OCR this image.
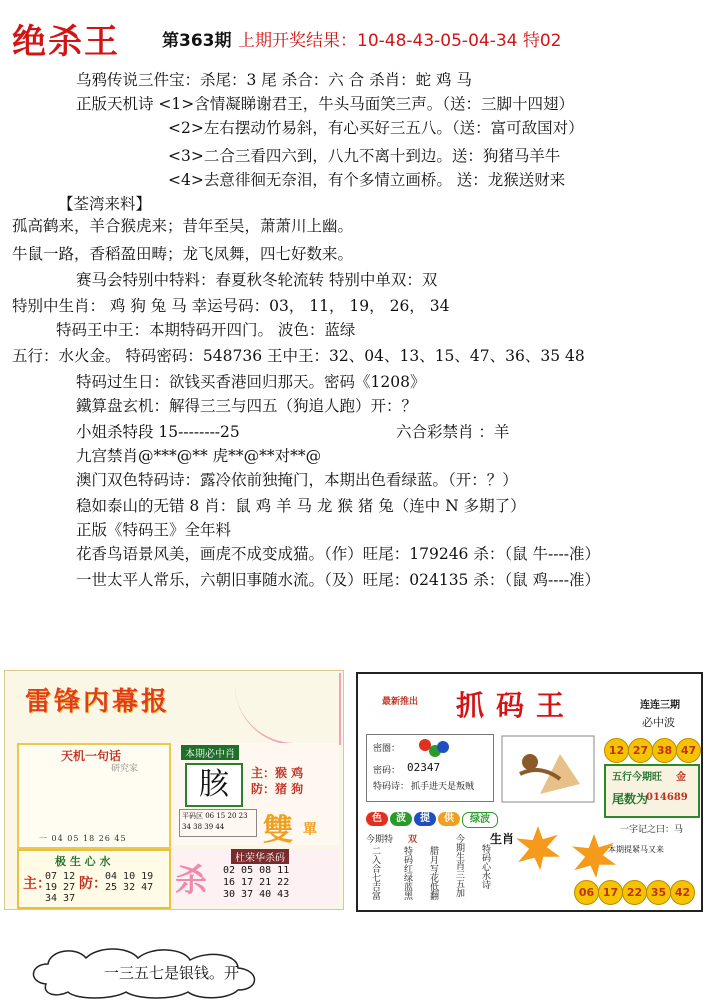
绝杀王 第363期 上期开奖结果：10-48-43-05-04-34 特02
乌鸦传说三件宝：杀尾：3 尾 杀合：六 合 杀肖：蛇 鸡 马
正版天机诗 <1>含情凝睇谢君王，牛头马面笑三声。（送：三脚十四翅）
<2>左右摆动竹易斜，有心买好三五八。（送：富可敌国对）
<3>二合三看四六到，八九不离十到边。送：狗猪马羊牛
<4>去意徘徊无奈泪，有个多情立画桥。 送：龙猴送财来
【荃湾来料】
孤高鹤来，羊合猴虎来；昔年至吴，萧萧川上幽。
牛鼠一路，香稻盈田畴；龙飞凤舞，四七好数来。
赛马会特别中特料：春夏秋冬轮流转 特别中单双：双
特别中生肖： 鸡 狗 兔 马 幸运号码：03， 11， 19， 26， 34
特码王中王：本期特码开四门。 波色：蓝绿
五行：水火金。 特码密码：548736 王中王：32、04、13、15、47、36、35 48
特码过生日：欲钱买香港回归那天。密码《1208》
鐵算盘玄机：解得三三与四五（狗追人跑）开：？
小姐杀特段 15--------25	六合彩禁肖 ：羊
九宫禁肖@***@** 虎**@**对**@
澳门双色特码诗：露冷依前独掩门，本期出色看绿蓝。（开：？）
稳如泰山的无错 8 肖：鼠 鸡 羊 马 龙 猴 猪 兔（连中 N 多期了）
正版《特码王》全年料
花香鸟语景风美，画虎不成变成猫。（作）旺尾：179246 杀：（鼠 牛----准）
一世太平人常乐，六朝旧事随水流。（及）旺尾：024135 杀：（鼠 鸡----准）
雷锋内幕报
天机一句话
研究家
一 04 05 18 26 45
本期必中肖
胲	主：猴 鸡
防：猪 狗
平码区 06 15 20 23 34 38 39 44	雙 單
极 生 心 水
主：
07 12 19 27 34 37
防：
04 10 19 25 32 47 杀
杜荣华杀码
02 05 08 11
16 17 21 22
30 37 40 43
最新推出 抓码王	连连三期
必中波
密圈：
密码： 02347
特码诗： 抓手进天是叛贼
12 27 38 47
五行今期旺 金
尾数为
014689
色	波	提	供	绿波
今期特 双
二入合七吉富 特码红绿蓝黑 腊月写花低翻 今期生肖三五加 生肖
特码心水诗
一字记之曰：马
本期提紧马又来
06 17 22 35 42
一三五七是银钱。开
